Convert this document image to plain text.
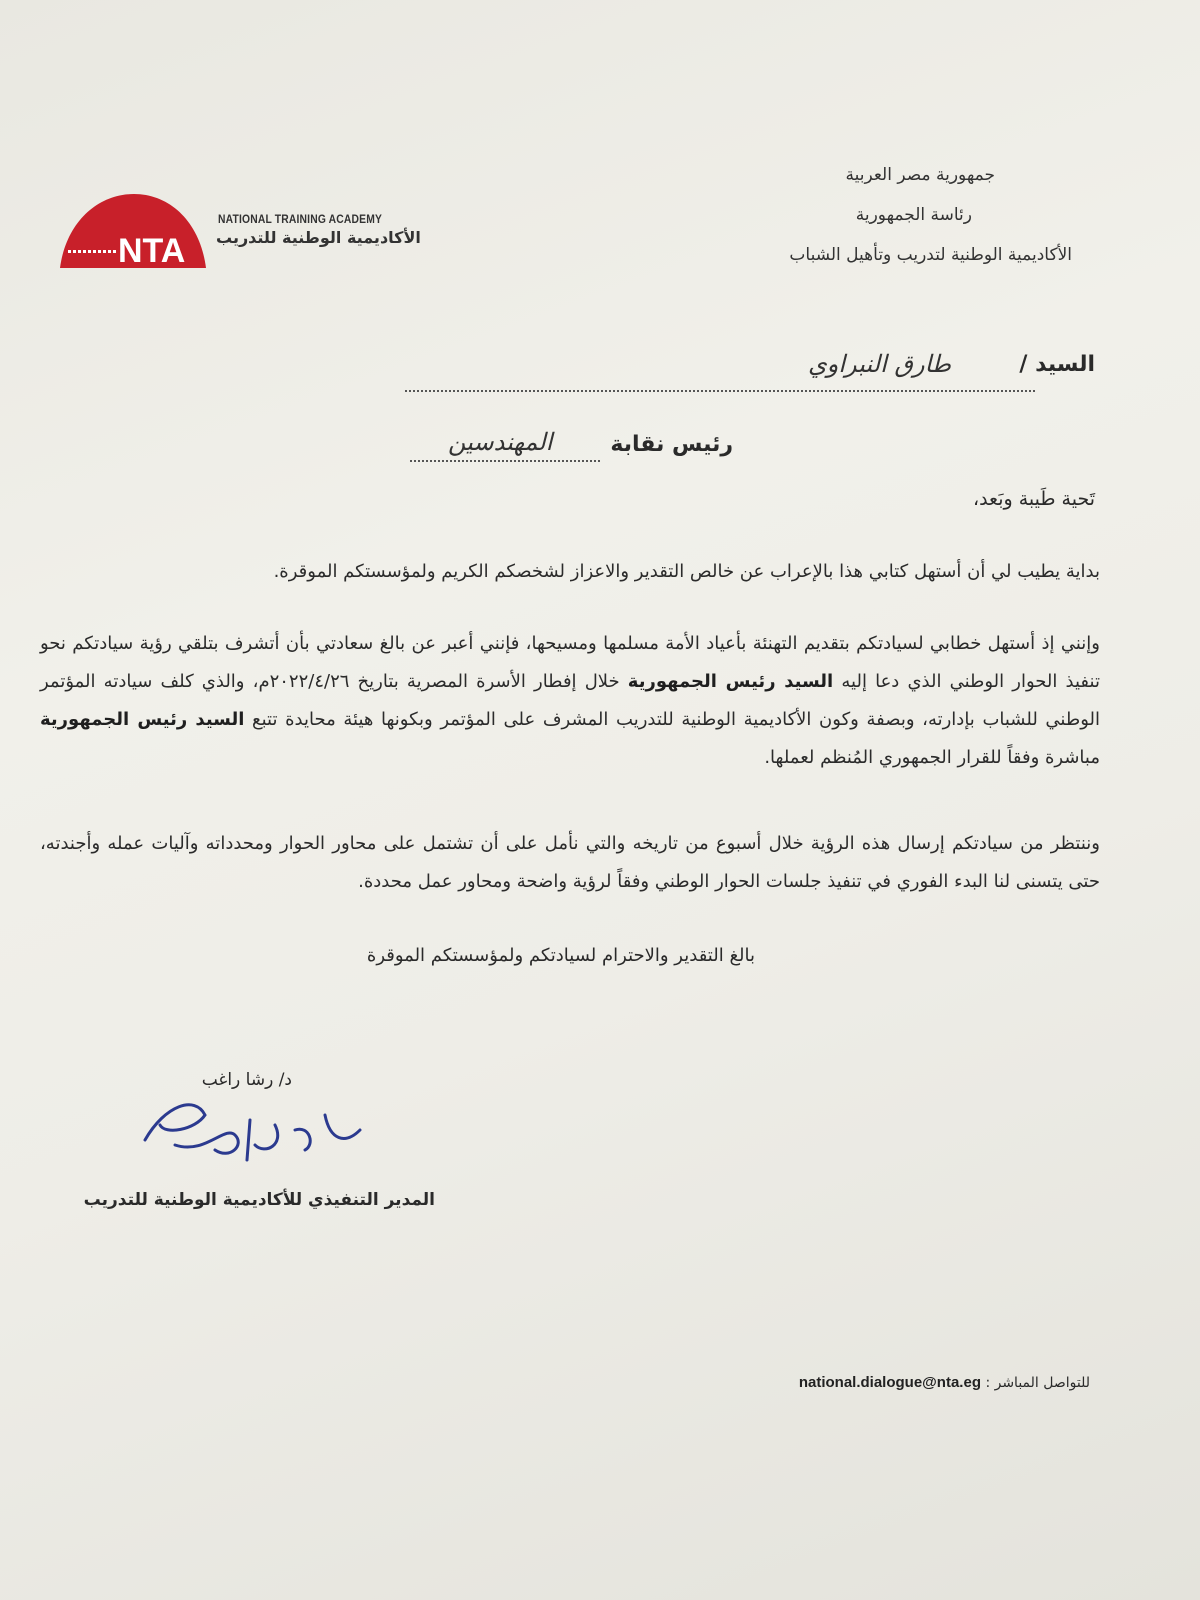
جمهورية مصر العربية
رئاسة الجمهورية
الأكاديمية الوطنية لتدريب وتأهيل الشباب
NTA
NATIONAL TRAINING ACADEMY
الأكاديمية الوطنية للتدريب
السيد /
طارق النبراوي
رئيس نقابة
المهندسين
تَحية طَيبة وبَعد،
بداية يطيب لي أن أستهل كتابي هذا بالإعراب عن خالص التقدير والاعزاز لشخصكم الكريم ولمؤسستكم الموقرة.
وإنني إذ أستهل خطابي لسيادتكم بتقديم التهنئة بأعياد الأمة مسلمها ومسيحها، فإنني أعبر عن بالغ سعادتي بأن أتشرف بتلقي رؤية سيادتكم نحو تنفيذ الحوار الوطني الذي دعا إليه السيد رئيس الجمهورية خلال إفطار الأسرة المصرية بتاريخ ٢٠٢٢/٤/٢٦م، والذي كلف سيادته المؤتمر الوطني للشباب بإدارته، وبصفة وكون الأكاديمية الوطنية للتدريب المشرف على المؤتمر وبكونها هيئة محايدة تتبع السيد رئيس الجمهورية مباشرة وفقاً للقرار الجمهوري المُنظم لعملها.
وننتظر من سيادتكم إرسال هذه الرؤية خلال أسبوع من تاريخه والتي نأمل على أن تشتمل على محاور الحوار ومحدداته وآليات عمله وأجندته، حتى يتسنى لنا البدء الفوري في تنفيذ جلسات الحوار الوطني وفقاً لرؤية واضحة ومحاور عمل محددة.
بالغ التقدير والاحترام لسيادتكم ولمؤسستكم الموقرة
د/ رشا راغب
المدير التنفيذي للأكاديمية الوطنية للتدريب
للتواصل المباشر : national.dialogue@nta.eg
